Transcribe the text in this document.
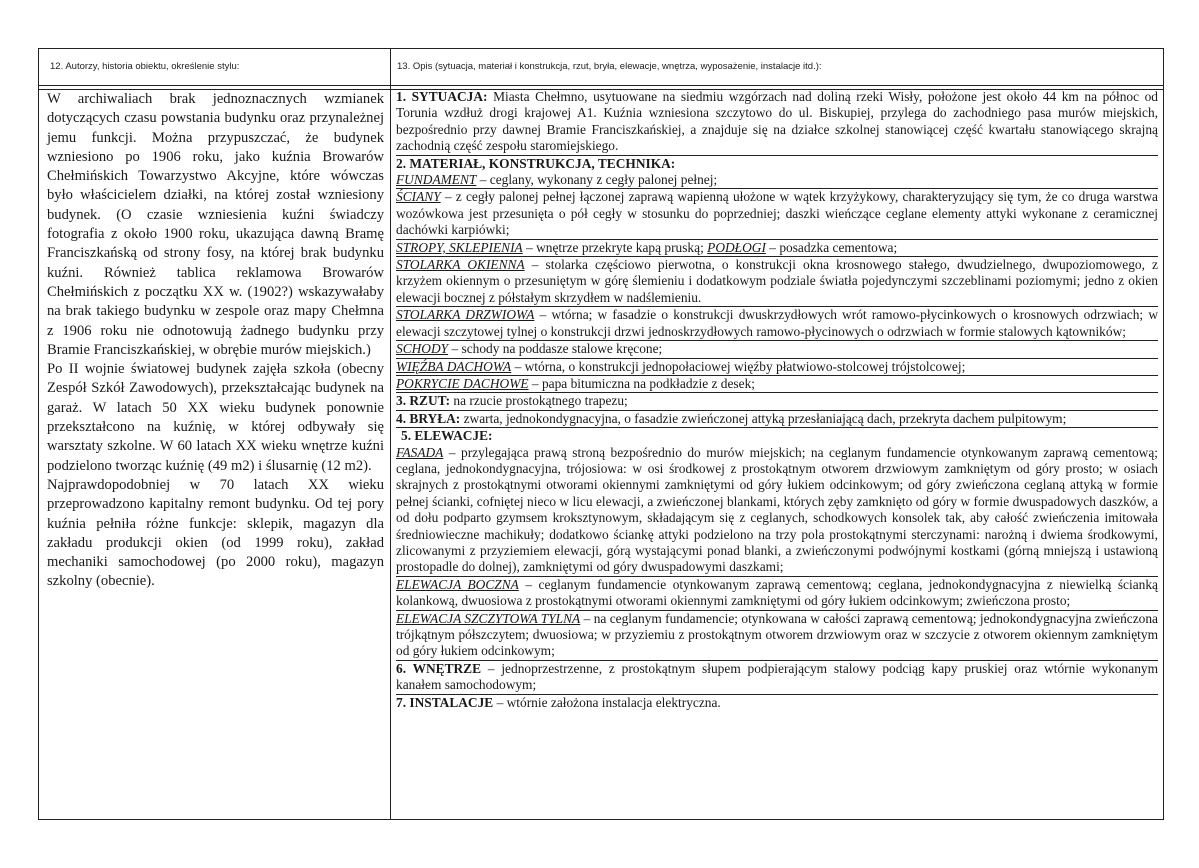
12. Autorzy, historia obiektu, określenie stylu:	13. Opis (sytuacja, materiał i konstrukcja, rzut, bryła, elewacje, wnętrza, wyposażenie, instalacje itd.):

W archiwaliach brak jednoznacznych wzmianek dotyczących czasu powstania budynku oraz przynależnej jemu funkcji. Można przypuszczać, że budynek wzniesiono po 1906 roku, jako kuźnia Browarów Chełmińskich Towarzystwo Akcyjne, które wówczas było właścicielem działki, na której został wzniesiony budynek. (O czasie wzniesienia kuźni świadczy fotografia z około 1900 roku, ukazująca dawną Bramę Franciszkańską od strony fosy, na której brak budynku kuźni. Również tablica reklamowa Browarów Chełmińskich z początku XX w. (1902?) wskazywałaby na brak takiego budynku w zespole oraz mapy Chełmna z 1906 roku nie odnotowują żadnego budynku przy Bramie Franciszkańskiej, w obrębie murów miejskich.)

Po II wojnie światowej budynek zajęła szkoła (obecny Zespół Szkół Zawodowych), przekształcając budynek na garaż. W latach 50 XX wieku budynek ponownie przekształcono na kuźnię, w której odbywały się warsztaty szkolne. W 60 latach XX wieku wnętrze kuźni podzielono tworząc kuźnię (49 m2) i ślusarnię (12 m2).

Najprawdopodobniej w 70 latach XX wieku przeprowadzono kapitalny remont budynku. Od tej pory kuźnia pełniła różne funkcje: sklepik, magazyn dla zakładu produkcji okien (od 1999 roku), zakład mechaniki samochodowej (po 2000 roku), magazyn szkolny (obecnie).

1. SYTUACJA: Miasta Chełmno, usytuowane na siedmiu wzgórzach nad doliną rzeki Wisły, położone jest około 44 km na północ od Torunia wzdłuż drogi krajowej A1. Kuźnia wzniesiona szczytowo do ul. Biskupiej, przylega do zachodniego pasa murów miejskich, bezpośrednio przy dawnej Bramie Franciszkańskiej, a znajduje się na działce szkolnej stanowiącej część kwartału stanowiącego skrajną zachodnią część zespołu staromiejskiego.
2. MATERIAŁ, KONSTRUKCJA, TECHNIKA:
FUNDAMENT – ceglany, wykonany z cegły palonej pełnej;
ŚCIANY – z cegły palonej pełnej łączonej zaprawą wapienną ułożone w wątek krzyżykowy, charakteryzujący się tym, że co druga warstwa wozówkowa jest przesunięta o pół cegły w stosunku do poprzedniej; daszki wieńczące ceglane elementy attyki wykonane z ceramicznej dachówki karpiówki;
STROPY, SKLEPIENIA – wnętrze przekryte kapą pruską; PODŁOGI – posadzka cementowa;
STOLARKA OKIENNA – stolarka częściowo pierwotna, o konstrukcji okna krosnowego stałego, dwudzielnego, dwupoziomowego, z krzyżem okiennym o przesuniętym w górę ślemieniu i dodatkowym podziale światła pojedynczymi szczeblinami poziomymi; jedno z okien elewacji bocznej z półstałym skrzydłem w nadślemieniu.
STOLARKA DRZWIOWA – wtórna; w fasadzie o konstrukcji dwuskrzydłowych wrót ramowo-płycinkowych o krosnowych odrzwiach; w elewacji szczytowej tylnej o konstrukcji drzwi jednoskrzydłowych ramowo-płycinowych o odrzwiach w formie stalowych kątowników;
SCHODY – schody na poddasze stalowe kręcone;
WIĘŹBA DACHOWA – wtórna, o konstrukcji jednopołaciowej więźby płatwiowo-stolcowej trójstolcowej;
POKRYCIE DACHOWE – papa bitumiczna na podkładzie z desek;
3. RZUT: na rzucie prostokątnego trapezu;
4. BRYŁA: zwarta, jednokondygnacyjna, o fasadzie zwieńczonej attyką przesłaniającą dach, przekryta dachem pulpitowym;
5. ELEWACJE:
FASADA – przylegająca prawą stroną bezpośrednio do murów miejskich; na ceglanym fundamencie otynkowanym zaprawą cementową; ceglana, jednokondygnacyjna, trójosiowa: w osi środkowej z prostokątnym otworem drzwiowym zamkniętym od góry prosto; w osiach skrajnych z prostokątnymi otworami okiennymi zamkniętymi od góry łukiem odcinkowym; od góry zwieńczona ceglaną attyką w formie pełnej ścianki, cofniętej nieco w licu elewacji, a zwieńczonej blankami, których zęby zamknięto od góry w formie dwuspadowych daszków, a od dołu podparto gzymsem kroksztynowym, składającym się z ceglanych, schodkowych konsolek tak, aby całość zwieńczenia imitowała średniowieczne machikuły; dodatkowo ściankę attyki podzielono na trzy pola prostokątnymi sterczynami: narożną i dwiema środkowymi, zlicowanymi z przyziemiem elewacji, górą wystającymi ponad blanki, a zwieńczonymi podwójnymi kostkami (górną mniejszą i ustawioną prostopadle do dolnej), zamkniętymi od góry dwuspadowymi daszkami;
ELEWACJA BOCZNA – ceglanym fundamencie otynkowanym zaprawą cementową; ceglana, jednokondygnacyjna z niewielką ścianką kolankową, dwuosiowa z prostokątnymi otworami okiennymi zamkniętymi od góry łukiem odcinkowym; zwieńczona prosto;
ELEWACJA SZCZYTOWA TYLNA – na ceglanym fundamencie; otynkowana w całości zaprawą cementową; jednokondygnacyjna zwieńczona trójkątnym półszczytem; dwuosiowa; w przyziemiu z prostokątnym otworem drzwiowym oraz w szczycie z otworem okiennym zamkniętym od góry łukiem odcinkowym;
6. WNĘTRZE – jednoprzestrzenne, z prostokątnym słupem podpierającym stalowy podciąg kapy pruskiej oraz wtórnie wykonanym kanałem samochodowym;
7. INSTALACJE – wtórnie założona instalacja elektryczna.
